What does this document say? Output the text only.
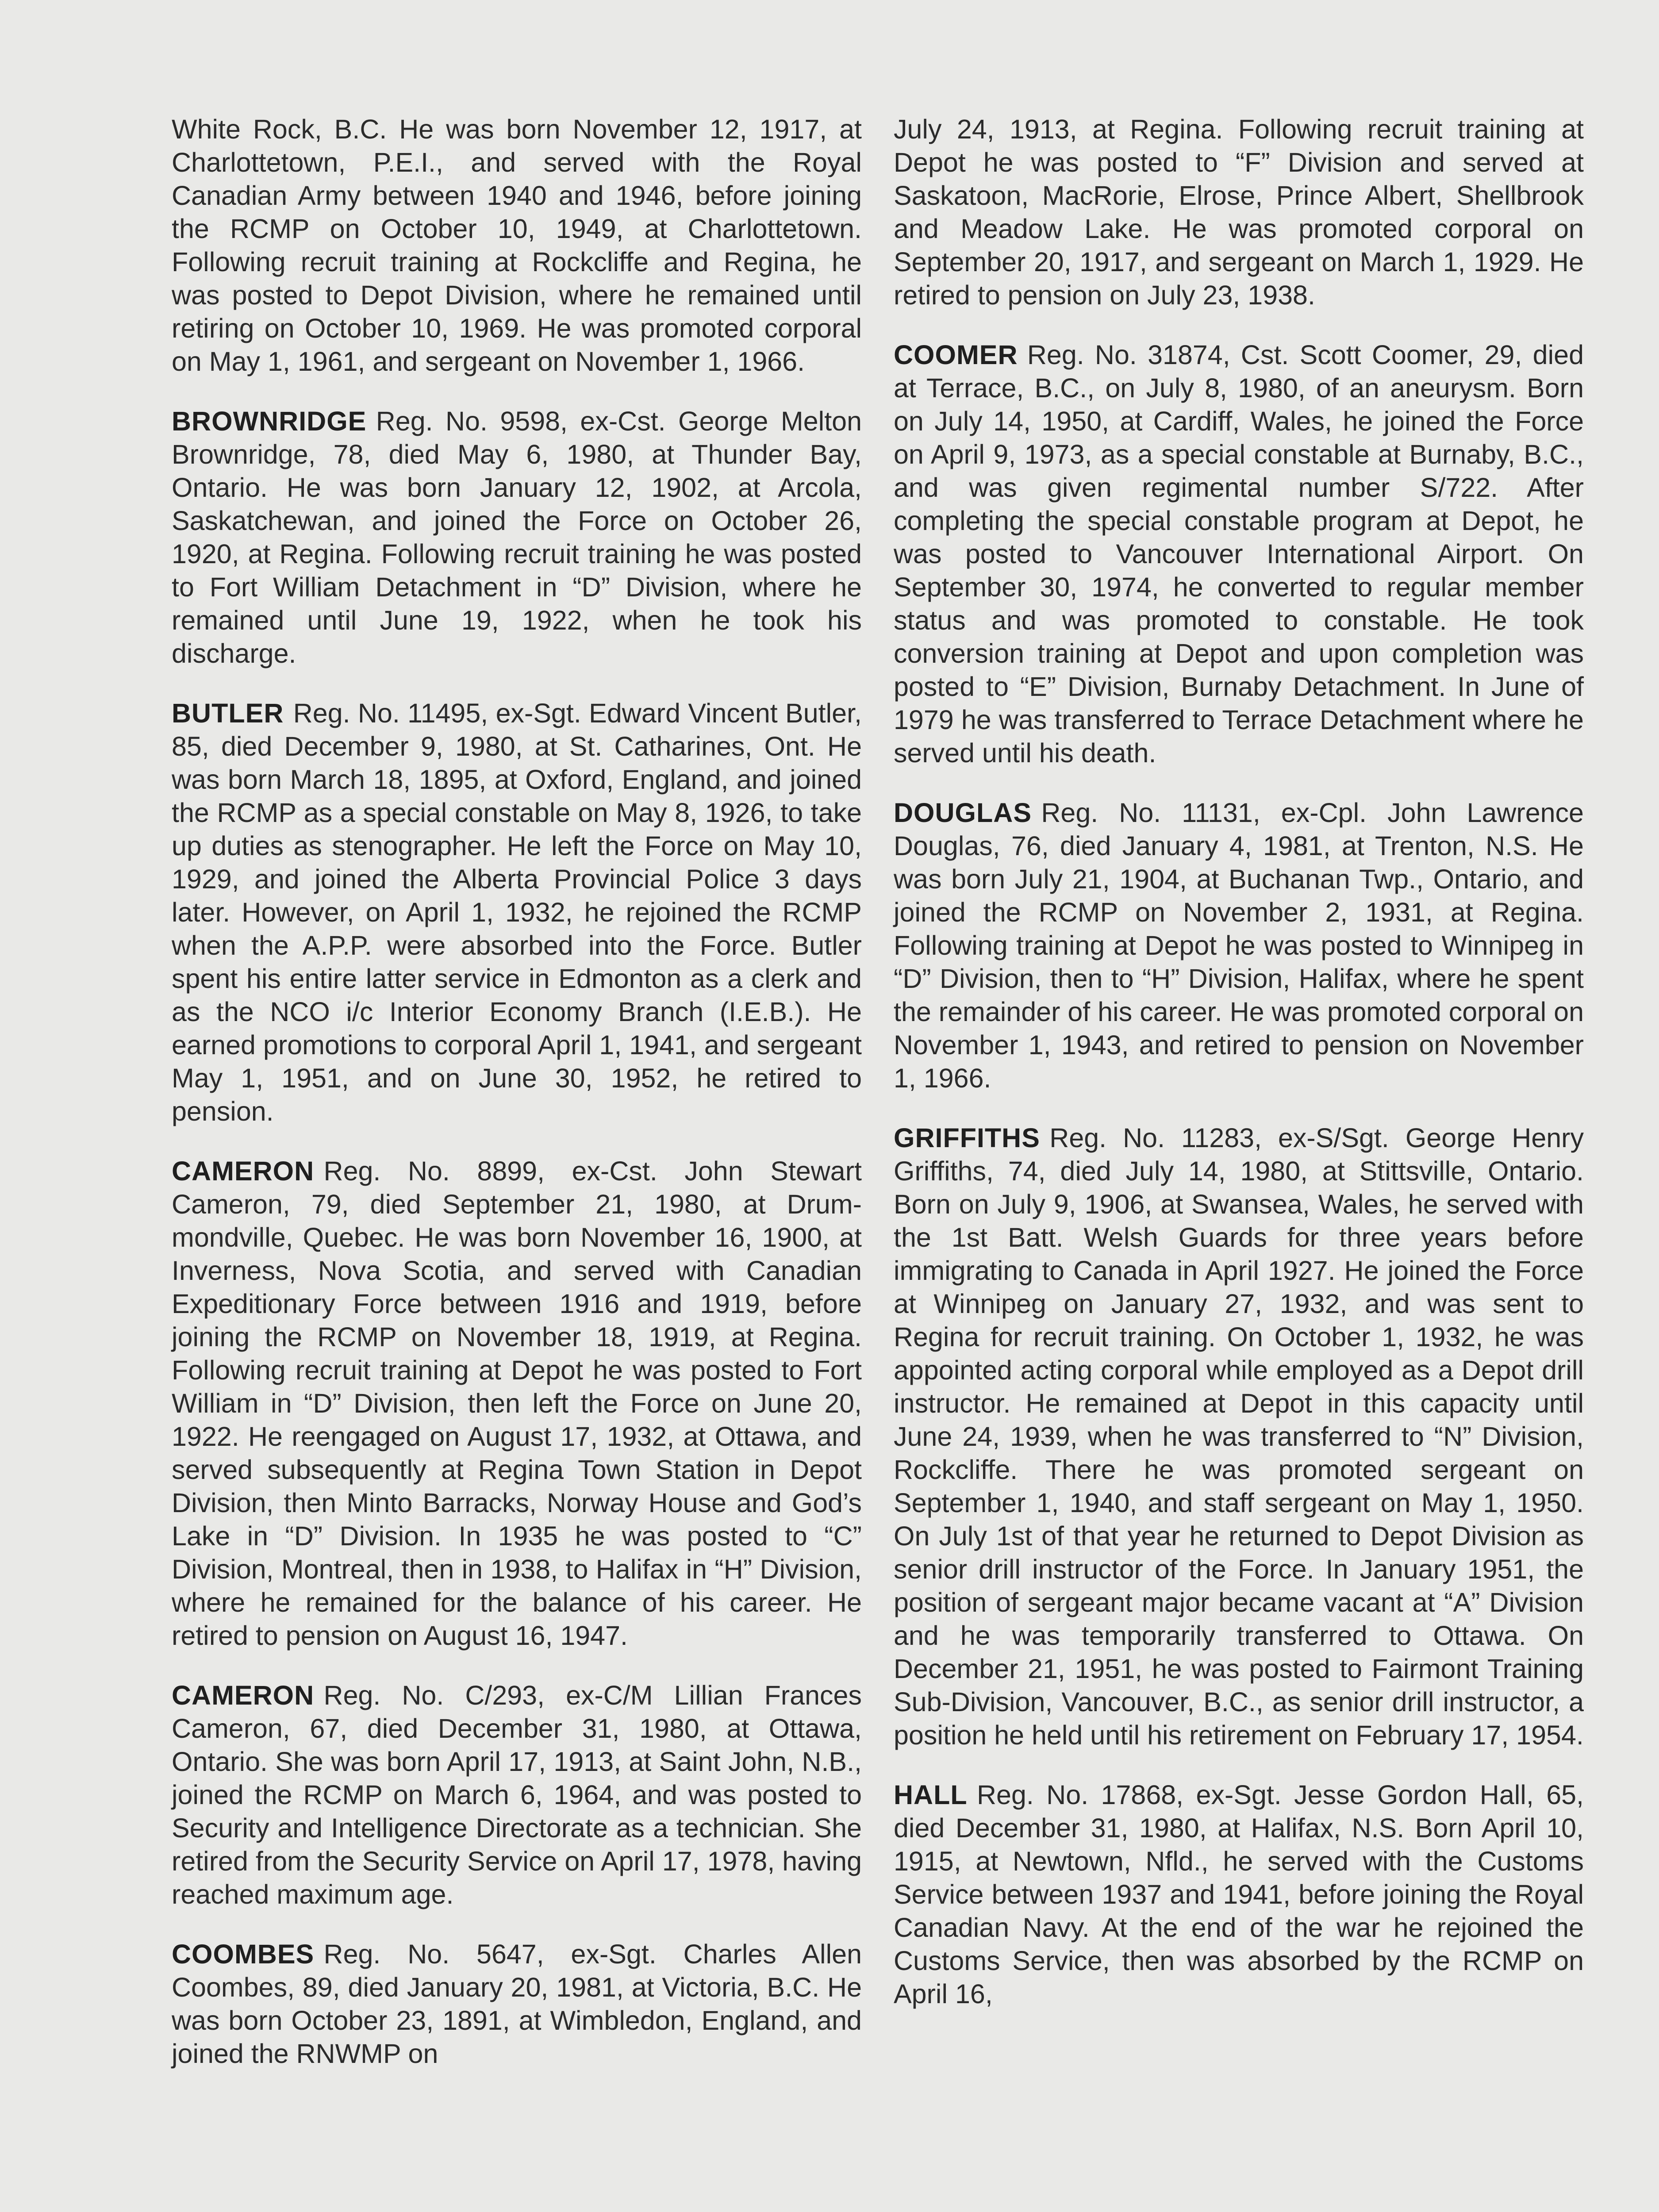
White Rock, B.C. He was born November 12, 1917, at Charlottetown, P.E.I., and served with the Royal Canadian Army between 1940 and 1946, before joining the RCMP on October 10, 1949, at Charlottetown. Following recruit training at Rockcliffe and Regina, he was posted to Depot Division, where he remained until retiring on October 10, 1969. He was promoted corporal on May 1, 1961, and sergeant on November 1, 1966.

BROWNRIDGE Reg. No. 9598, ex-Cst. George Melton Brownridge, 78, died May 6, 1980, at Thunder Bay, Ontario. He was born January 12, 1902, at Arcola, Saskatchewan, and joined the Force on October 26, 1920, at Regina. Following recruit training he was posted to Fort William Detachment in “D” Division, where he remained until June 19, 1922, when he took his discharge.

BUTLER Reg. No. 11495, ex-Sgt. Edward Vincent Butler, 85, died December 9, 1980, at St. Catharines, Ont. He was born March 18, 1895, at Oxford, England, and joined the RCMP as a special constable on May 8, 1926, to take up duties as stenographer. He left the Force on May 10, 1929, and joined the Alberta Provincial Police 3 days later. However, on April 1, 1932, he rejoined the RCMP when the A.P.P. were absorbed into the Force. Butler spent his entire latter service in Edmonton as a clerk and as the NCO i/c Interior Economy Branch (I.E.B.). He earned promotions to corporal April 1, 1941, and sergeant May 1, 1951, and on June 30, 1952, he retired to pension.

CAMERON Reg. No. 8899, ex-Cst. John Stewart Cameron, 79, died September 21, 1980, at Drummondville, Quebec. He was born November 16, 1900, at Inverness, Nova Scotia, and served with Canadian Expeditionary Force between 1916 and 1919, before joining the RCMP on November 18, 1919, at Regina. Following recruit training at Depot he was posted to Fort William in “D” Division, then left the Force on June 20, 1922. He reengaged on August 17, 1932, at Ottawa, and served subsequently at Regina Town Station in Depot Division, then Minto Barracks, Norway House and God’s Lake in “D” Division. In 1935 he was posted to “C” Division, Montreal, then in 1938, to Halifax in “H” Division, where he remained for the balance of his career. He retired to pension on August 16, 1947.

CAMERON Reg. No. C/293, ex-C/M Lillian Frances Cameron, 67, died December 31, 1980, at Ottawa, Ontario. She was born April 17, 1913, at Saint John, N.B., joined the RCMP on March 6, 1964, and was posted to Security and Intelligence Directorate as a technician. She retired from the Security Service on April 17, 1978, having reached maximum age.

COOMBES Reg. No. 5647, ex-Sgt. Charles Allen Coombes, 89, died January 20, 1981, at Victoria, B.C. He was born October 23, 1891, at Wimbledon, England, and joined the RNWMP on

July 24, 1913, at Regina. Following recruit training at Depot he was posted to “F” Division and served at Saskatoon, MacRorie, Elrose, Prince Albert, Shellbrook and Meadow Lake. He was promoted corporal on September 20, 1917, and sergeant on March 1, 1929. He retired to pension on July 23, 1938.

COOMER Reg. No. 31874, Cst. Scott Coomer, 29, died at Terrace, B.C., on July 8, 1980, of an aneurysm. Born on July 14, 1950, at Cardiff, Wales, he joined the Force on April 9, 1973, as a special constable at Burnaby, B.C., and was given regimental number S/722. After completing the special constable program at Depot, he was posted to Vancouver International Airport. On September 30, 1974, he converted to regular member status and was promoted to constable. He took conversion training at Depot and upon completion was posted to “E” Division, Burnaby Detachment. In June of 1979 he was transferred to Terrace Detachment where he served until his death.

DOUGLAS Reg. No. 11131, ex-Cpl. John Lawrence Douglas, 76, died January 4, 1981, at Trenton, N.S. He was born July 21, 1904, at Buchanan Twp., Ontario, and joined the RCMP on November 2, 1931, at Regina. Following training at Depot he was posted to Winnipeg in “D” Division, then to “H” Division, Halifax, where he spent the remainder of his career. He was promoted corporal on November 1, 1943, and retired to pension on November 1, 1966.

GRIFFITHS Reg. No. 11283, ex-S/Sgt. George Henry Griffiths, 74, died July 14, 1980, at Stittsville, Ontario. Born on July 9, 1906, at Swansea, Wales, he served with the 1st Batt. Welsh Guards for three years before immigrating to Canada in April 1927. He joined the Force at Winnipeg on January 27, 1932, and was sent to Regina for recruit training. On October 1, 1932, he was appointed acting corporal while employed as a Depot drill instructor. He remained at Depot in this capacity until June 24, 1939, when he was transferred to “N” Division, Rockcliffe. There he was promoted sergeant on September 1, 1940, and staff sergeant on May 1, 1950. On July 1st of that year he returned to Depot Division as senior drill instructor of the Force. In January 1951, the position of sergeant major became vacant at “A” Division and he was temporarily transferred to Ottawa. On December 21, 1951, he was posted to Fairmont Training Sub-Division, Vancouver, B.C., as senior drill instructor, a position he held until his retirement on February 17, 1954.

HALL Reg. No. 17868, ex-Sgt. Jesse Gordon Hall, 65, died December 31, 1980, at Halifax, N.S. Born April 10, 1915, at Newtown, Nfld., he served with the Customs Service between 1937 and 1941, before joining the Royal Canadian Navy. At the end of the war he rejoined the Customs Service, then was absorbed by the RCMP on April 16,
